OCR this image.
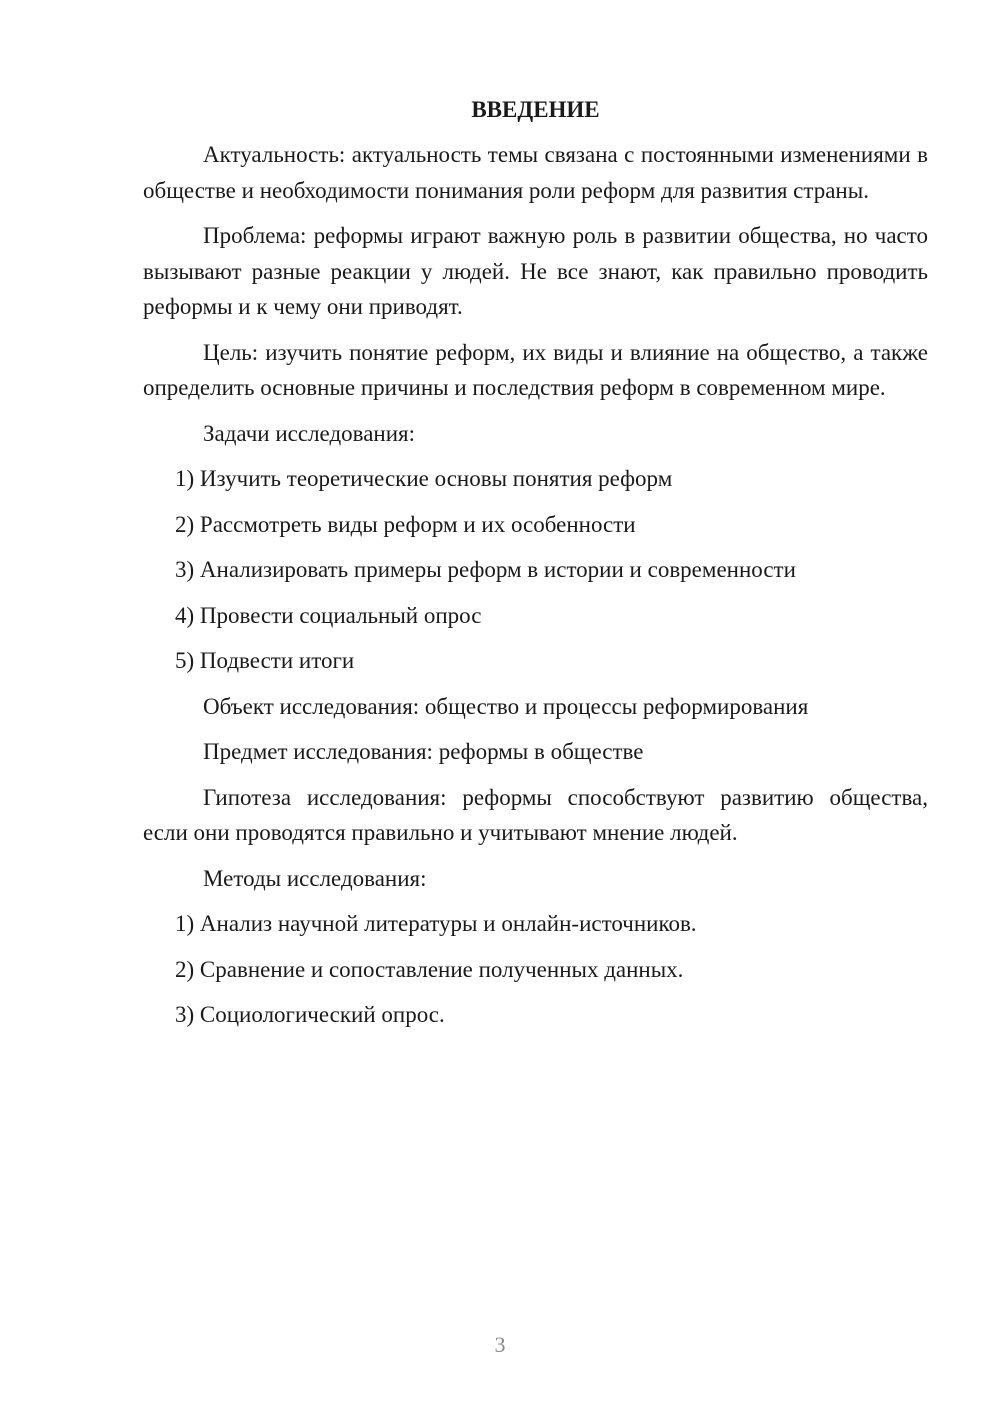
ВВЕДЕНИЕ

Актуальность: актуальность темы связана с постоянными изменениями в обществе и необходимости понимания роли реформ для развития страны.

Проблема: реформы играют важную роль в развитии общества, но часто вызывают разные реакции у людей. Не все знают, как правильно проводить реформы и к чему они приводят.

Цель: изучить понятие реформ, их виды и влияние на общество, а также определить основные причины и последствия реформ в современном мире.

Задачи исследования:
1) Изучить теоретические основы понятия реформ
2) Рассмотреть виды реформ и их особенности
3) Анализировать примеры реформ в истории и современности
4) Провести социальный опрос
5) Подвести итоги
Объект исследования: общество и процессы реформирования
Предмет исследования: реформы в обществе

Гипотеза исследования: реформы способствуют развитию общества, если они проводятся правильно и учитывают мнение людей.

Методы исследования:
1) Анализ научной литературы и онлайн-источников.
2) Сравнение и сопоставление полученных данных.
3) Социологический опрос.
3
